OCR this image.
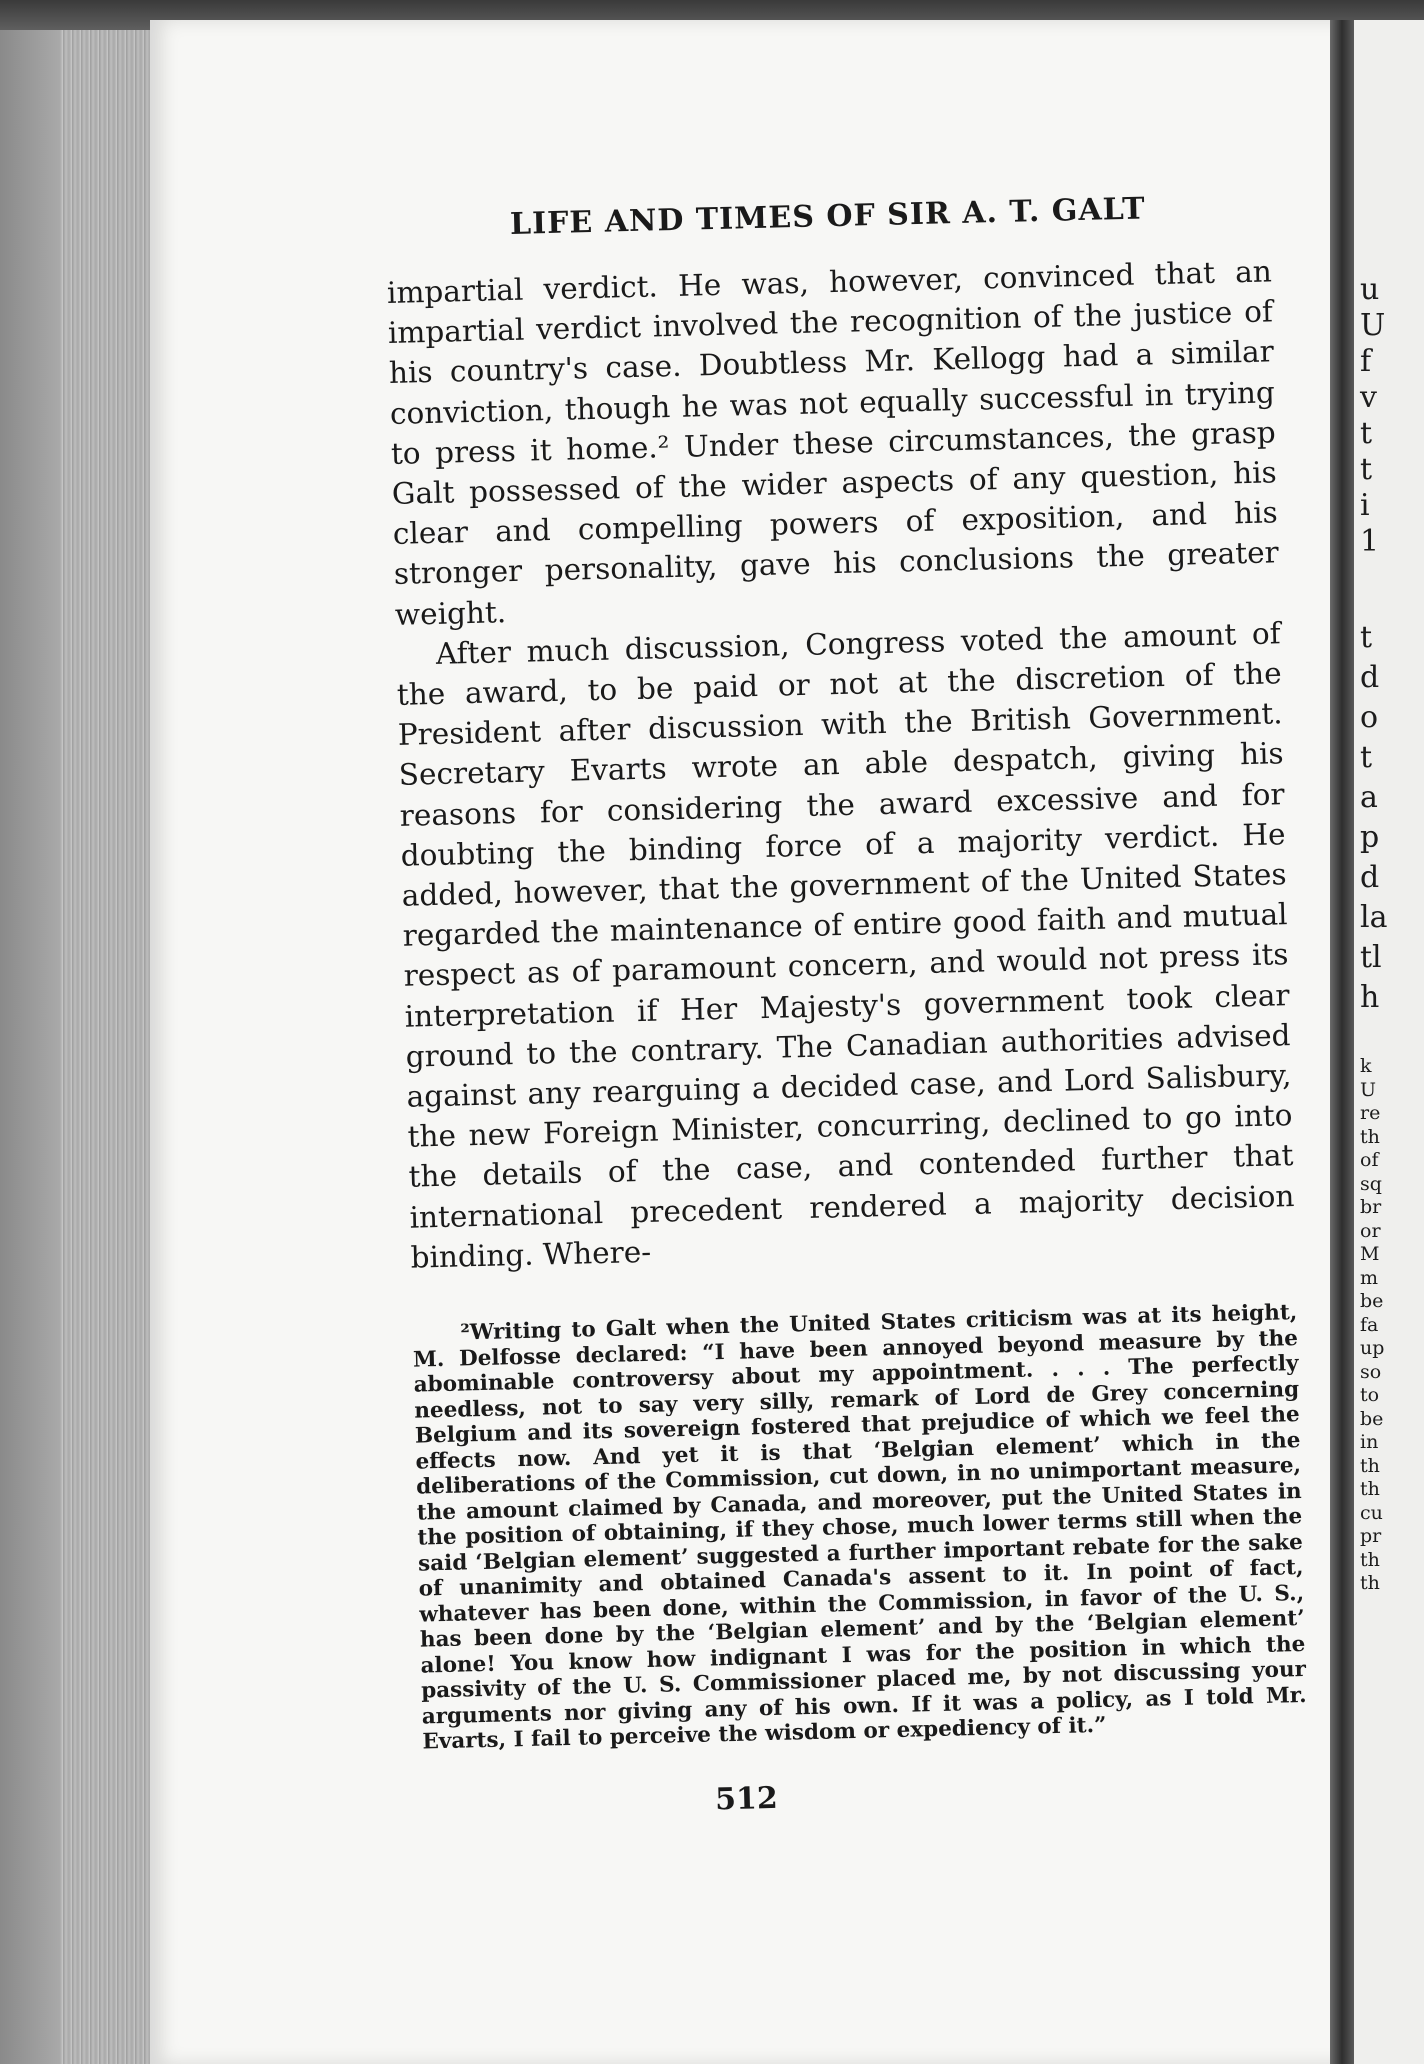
LIFE AND TIMES OF SIR A. T. GALT

impartial verdict. He was, however, convinced that an impartial verdict involved the recognition of the justice of his country's case. Doubtless Mr. Kellogg had a similar conviction, though he was not equally successful in trying to press it home.² Under these circumstances, the grasp Galt possessed of the wider aspects of any question, his clear and compelling powers of exposition, and his stronger personality, gave his conclusions the greater weight.

After much discussion, Congress voted the amount of the award, to be paid or not at the discretion of the President after discussion with the British Government. Secretary Evarts wrote an able despatch, giving his reasons for considering the award excessive and for doubting the binding force of a majority verdict. He added, however, that the government of the United States regarded the maintenance of entire good faith and mutual respect as of paramount concern, and would not press its interpretation if Her Majesty's government took clear ground to the contrary. The Canadian authorities advised against any rearguing a decided case, and Lord Salisbury, the new Foreign Minister, concurring, declined to go into the details of the case, and contended further that international precedent rendered a majority decision binding. Where-

²Writing to Galt when the United States criticism was at its height, M. Delfosse declared: “I have been annoyed beyond measure by the abominable controversy about my appointment. . . . The perfectly needless, not to say very silly, remark of Lord de Grey concerning Belgium and its sovereign fostered that prejudice of which we feel the effects now. And yet it is that ‘Belgian element’ which in the deliberations of the Commission, cut down, in no unimportant measure, the amount claimed by Canada, and moreover, put the United States in the position of obtaining, if they chose, much lower terms still when the said ‘Belgian element’ suggested a further important rebate for the sake of unanimity and obtained Canada's assent to it. In point of fact, whatever has been done, within the Commission, in favor of the U. S., has been done by the ‘Belgian element’ and by the ‘Belgian element’ alone! You know how indignant I was for the position in which the passivity of the U. S. Commissioner placed me, by not discussing your arguments nor giving any of his own. If it was a policy, as I told Mr. Evarts, I fail to perceive the wisdom or expediency of it.”
512
u
U
f
v
t
t
i
1
t
d
o
t
a
p
d
la
tl
h
k
U
re
th
of
sq
br
or
M
m
be
fa
up
so
to
be
in
th
th
cu
pr
th
th
